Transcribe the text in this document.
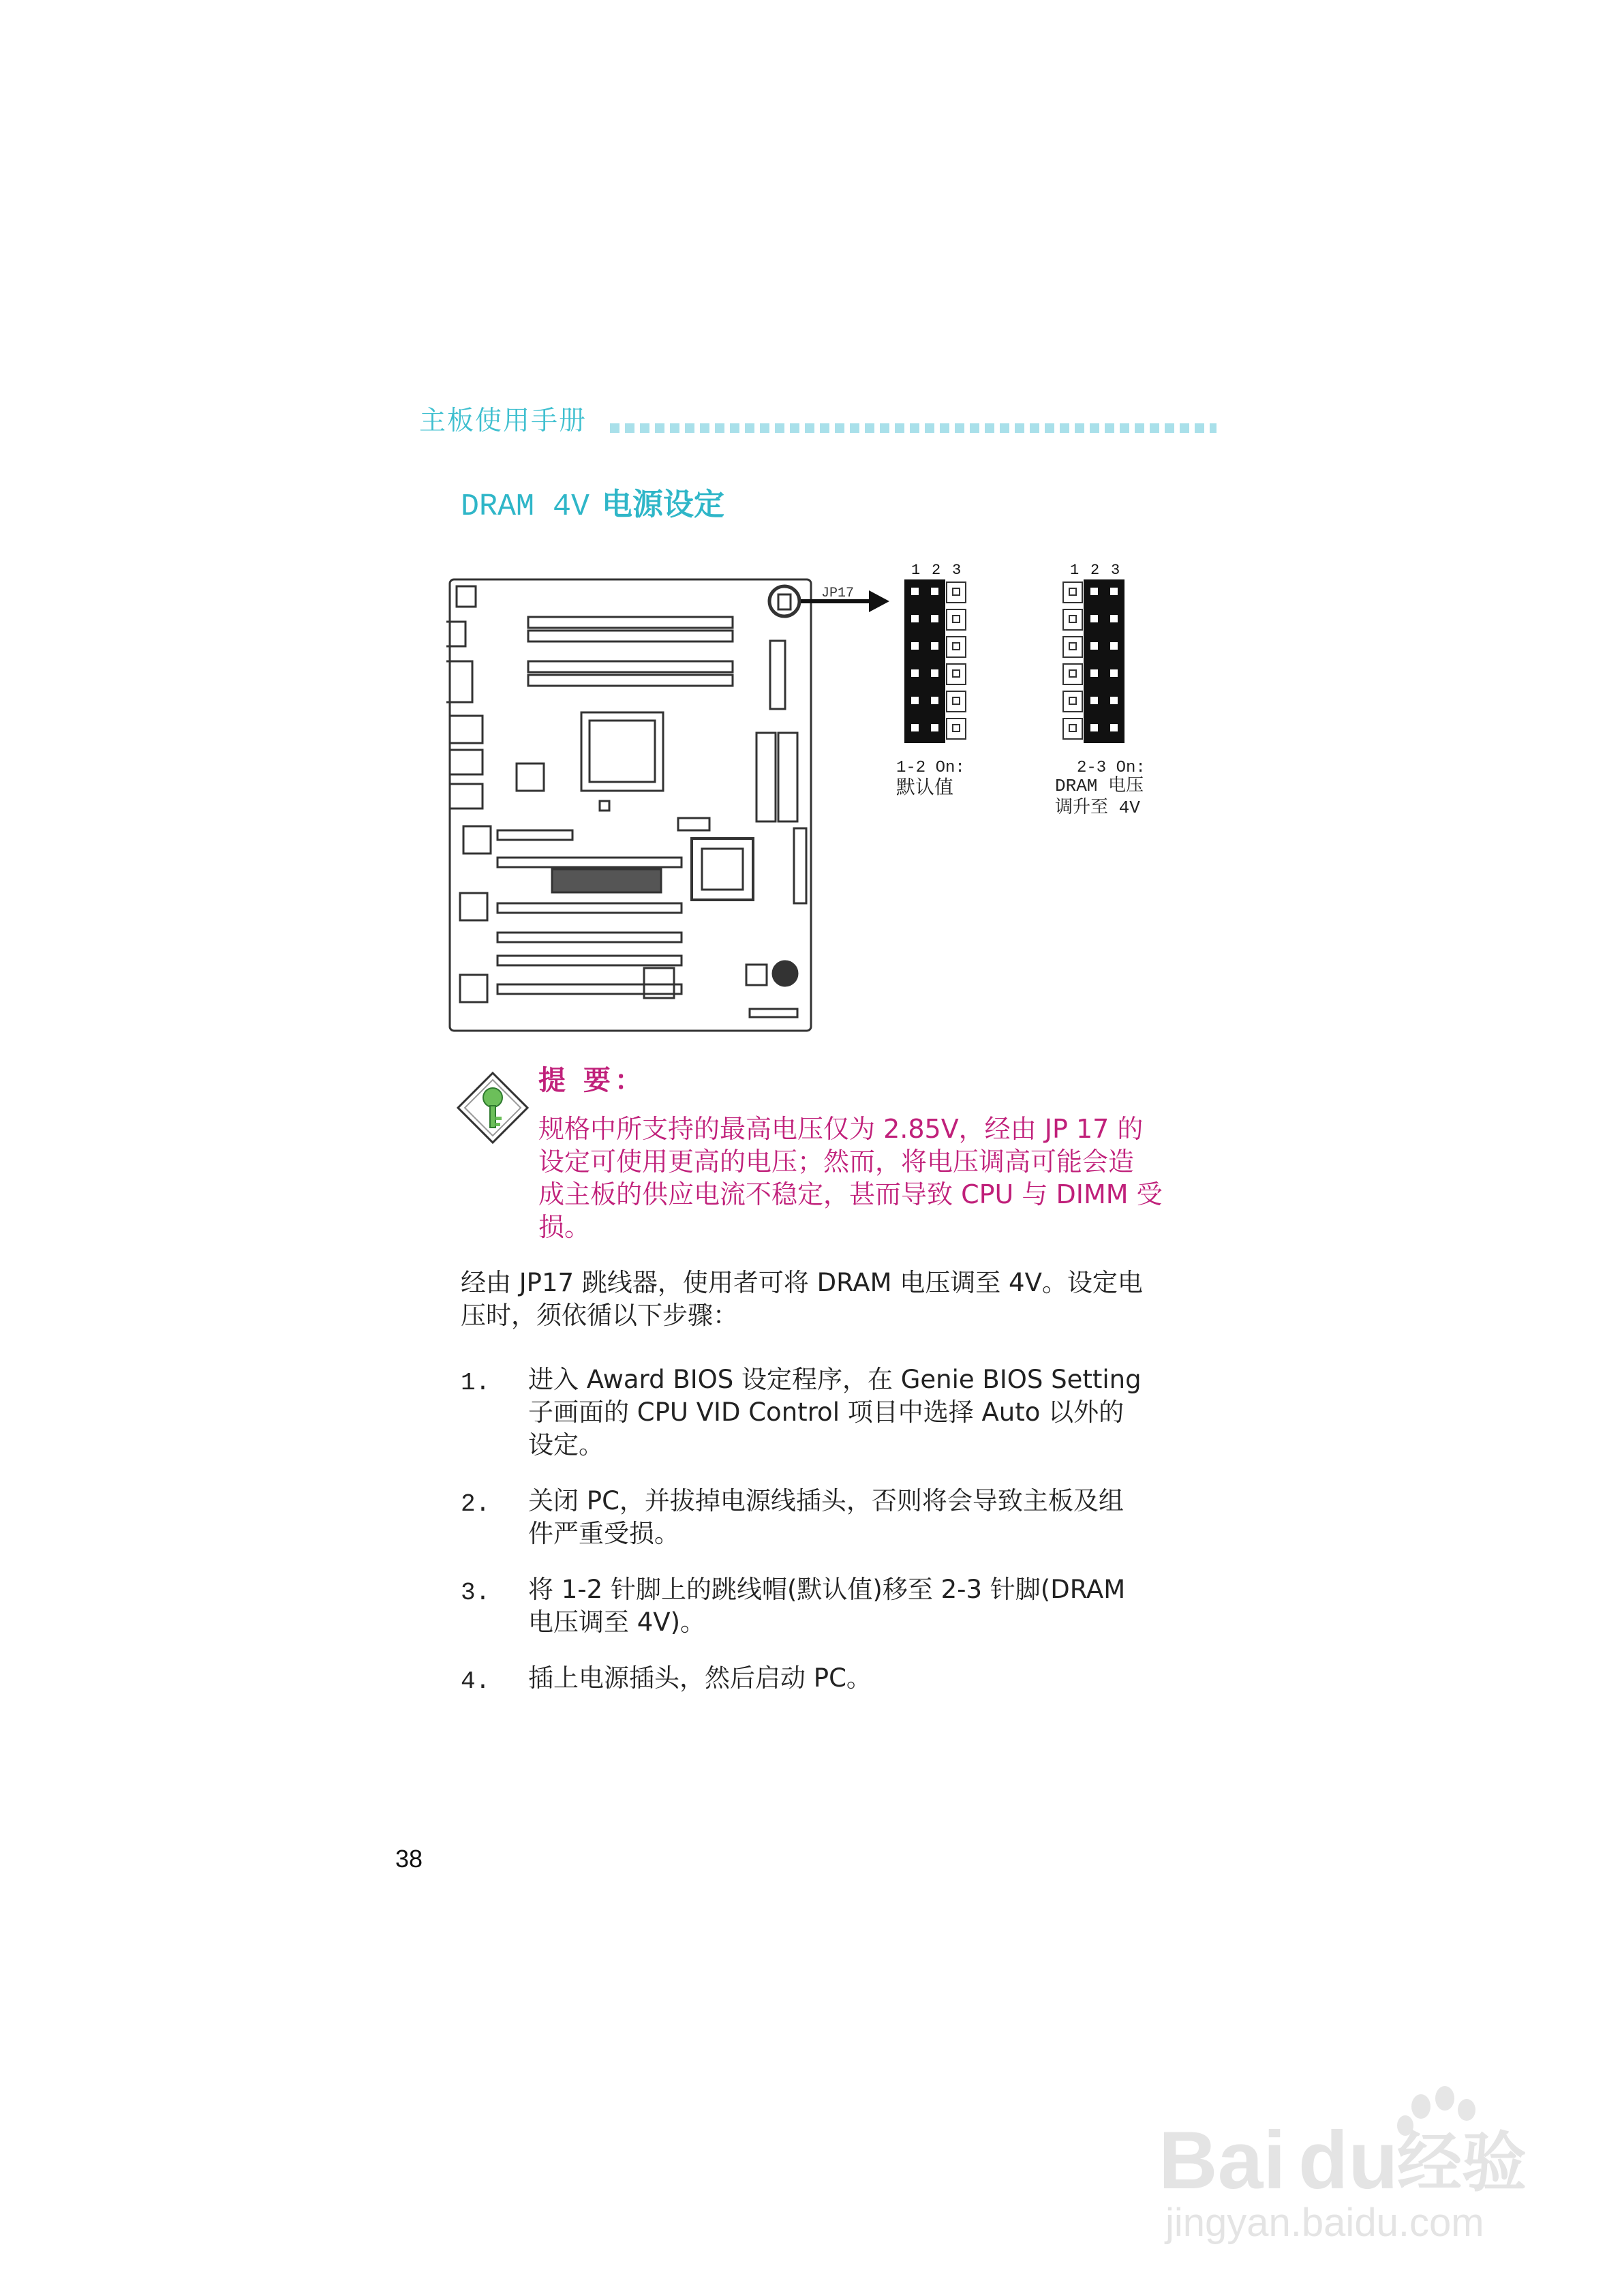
主板使用手册
DRAM 4V 电源设定
JP17
1 2 3
1-2 On:
默认值
1 2 3
2-3 On:
DRAM 电压
调升至 4V
提 要：
规格中所支持的最高电压仅为 2.85V，经由 JP 17 的
设定可使用更高的电压；然而，将电压调高可能会造
成主板的供应电流不稳定，甚而导致 CPU 与 DIMM 受
损。
经由 JP17 跳线器，使用者可将 DRAM 电压调至 4V。设定电
压时，须依循以下步骤：
1. 进入 Award BIOS 设定程序，在 Genie BIOS Setting
子画面的 CPU VID Control 项目中选择 Auto 以外的
设定。
2. 关闭 PC，并拔掉电源线插头，否则将会导致主板及组
件严重受损。
3. 将 1-2 针脚上的跳线帽(默认值)移至 2-3 针脚(DRAM
电压调至 4V)。
4. 插上电源插头，然后启动 PC。
38
Bai du
经验
jingyan.baidu.com
